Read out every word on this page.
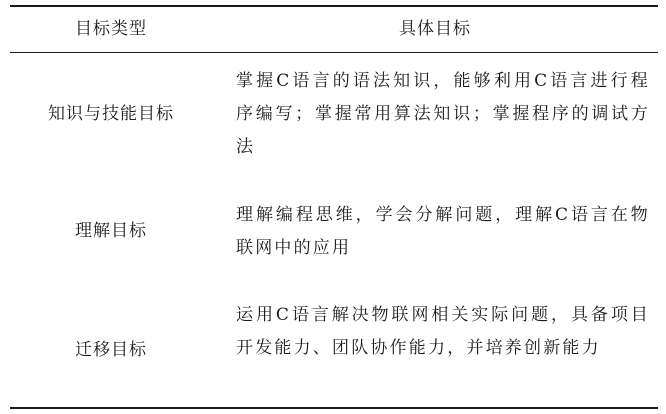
目标类型	具体目标
知识与技能目标
掌握C语言的语法知识，能够利用C语言进行程序编写；掌握常用算法知识；掌握程序的调试方法
理解目标
理解编程思维，学会分解问题，理解C语言在物联网中的应用
迁移目标
运用C语言解决物联网相关实际问题，具备项目开发能力、团队协作能力，并培养创新能力
